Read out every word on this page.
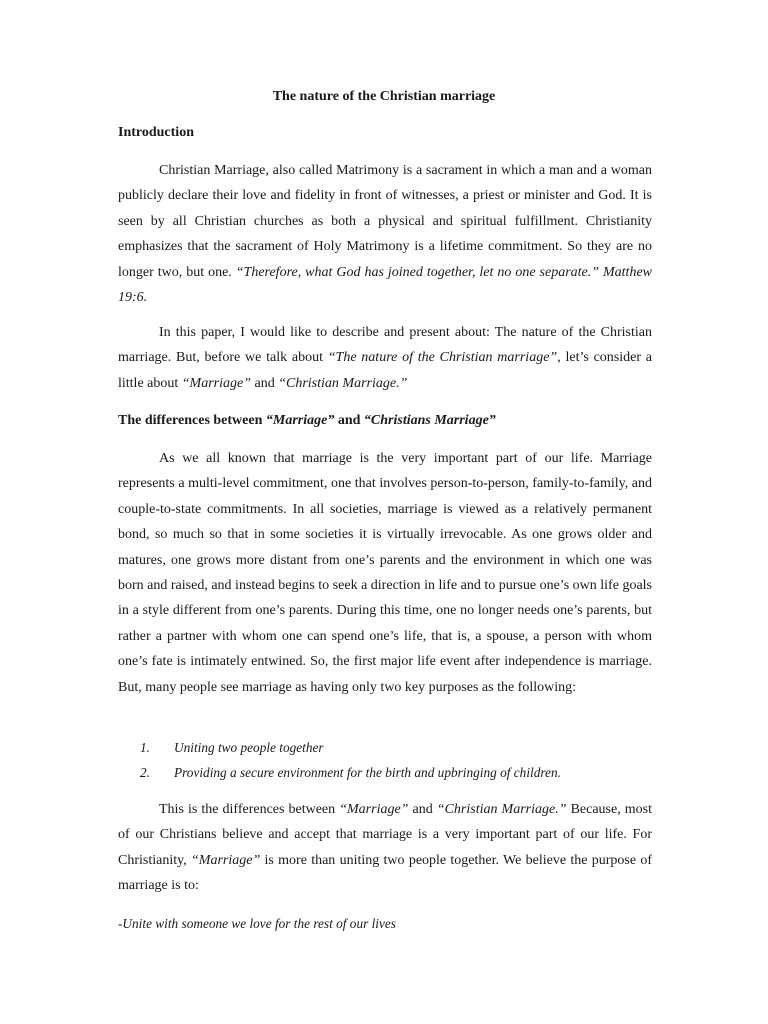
The nature of the Christian marriage
Introduction

Christian Marriage, also called Matrimony is a sacrament in which a man and a woman publicly declare their love and fidelity in front of witnesses, a priest or minister and God. It is seen by all Christian churches as both a physical and spiritual fulfillment. Christianity emphasizes that the sacrament of Holy Matrimony is a lifetime commitment. So they are no longer two, but one. “Therefore, what God has joined together, let no one separate.” Matthew 19:6.

In this paper, I would like to describe and present about: The nature of the Christian marriage. But, before we talk about “The nature of the Christian marriage”, let’s consider a little about “Marriage” and “Christian Marriage.”

The differences between “Marriage” and “Christians Marriage”

As we all known that marriage is the very important part of our life. Marriage represents a multi-level commitment, one that involves person-to-person, family-to-family, and couple-to-state commitments. In all societies, marriage is viewed as a relatively permanent bond, so much so that in some societies it is virtually irrevocable. As one grows older and matures, one grows more distant from one’s parents and the environment in which one was born and raised, and instead begins to seek a direction in life and to pursue one’s own life goals in a style different from one’s parents. During this time, one no longer needs one’s parents, but rather a partner with whom one can spend one’s life, that is, a spouse, a person with whom one’s fate is intimately entwined. So, the first major life event after independence is marriage. But, many people see marriage as having only two key purposes as the following:

1. Uniting two people together
2. Providing a secure environment for the birth and upbringing of children.

This is the differences between “Marriage” and “Christian Marriage.” Because, most of our Christians believe and accept that marriage is a very important part of our life. For Christianity, “Marriage” is more than uniting two people together. We believe the purpose of marriage is to:

-Unite with someone we love for the rest of our lives
